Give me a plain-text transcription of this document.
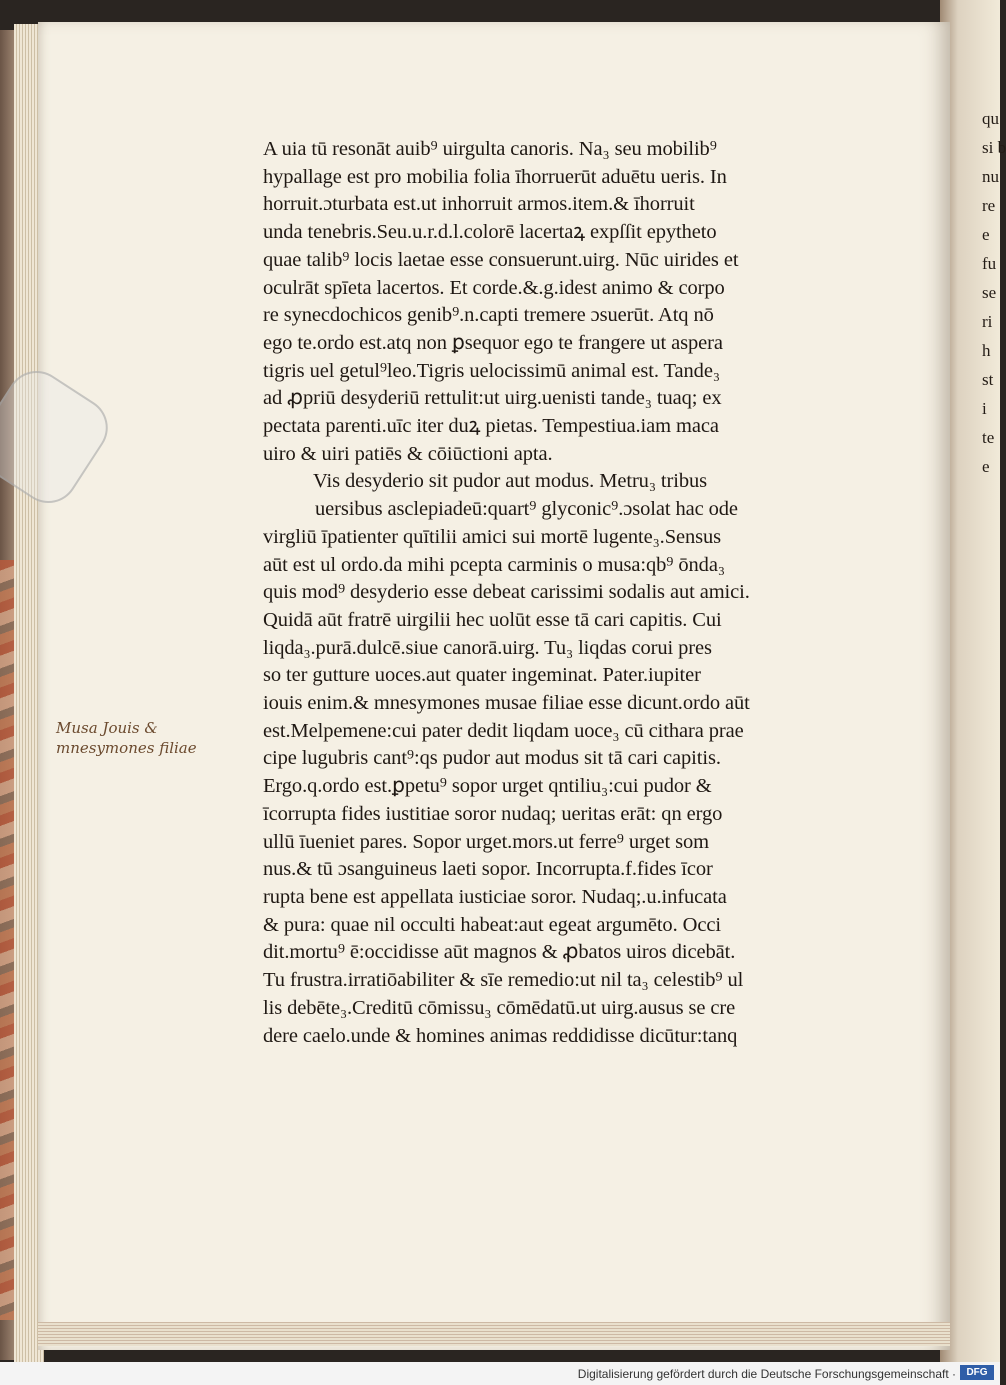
qu
si b
nu
re
e
fu
se
ri
h
st
i
te
e
A uia tū resonāt auib⁹ uirgulta canoris. Na₃ seu mobilib⁹
hypallage est pro mobilia folia īhorruerūt aduētu ueris. In
horruit.ɔturbata est.ut inhorruit armos.item.& īhorruit
unda tenebris.Seu.u.r.d.l.colorē lacertaꝝ expſſit epytheto
quae talib⁹ locis laetae esse consuerunt.uirg. Nūc uirides et
oculrāt spīeta lacertos. Et corde.&.g.idest animo & corpo
re synecdochicos genib⁹.n.capti tremere ɔsuerūt. Atq nō
ego te.ordo est.atq non ꝑsequor ego te frangere ut aspera
tigris uel getul⁹leo.Tigris uelocissimū animal est. Tande₃
ad ꝓpriū desyderiū rettulit:ut uirg.uenisti tande₃ tuaq; ex
pectata parenti.uīc iter duꝝ pietas. Tempestiua.iam maca
uiro & uiri patiēs & cōiūctioni apta.
Vis desyderio sit pudor aut modus. Metru₃ tribus
uersibus asclepiadeū:quart⁹ glyconic⁹.ɔsolat hac ode
virgliū īpatienter quītilii amici sui mortē lugente₃.Sensus
aūt est ul ordo.da mihi pcepta carminis o musa:qb⁹ ōnda₃
quis mod⁹ desyderio esse debeat carissimi sodalis aut amici.
Quidā aūt fratrē uirgilii hec uolūt esse tā cari capitis. Cui
liqda₃.purā.dulcē.siue canorā.uirg. Tu₃ liqdas corui pres
so ter gutture uoces.aut quater ingeminat. Pater.iupiter
iouis enim.& mnesymones musae filiae esse dicunt.ordo aūt
est.Melpemene:cui pater dedit liqdam uoce₃ cū cithara prae
cipe lugubris cant⁹:qs pudor aut modus sit tā cari capitis.
Ergo.q.ordo est.ꝑpetu⁹ sopor urget qntiliu₃:cui pudor &
īcorrupta fides iustitiae soror nudaq; ueritas erāt: qn ergo
ullū īueniet pares. Sopor urget.mors.ut ferre⁹ urget som
nus.& tū ɔsanguineus laeti sopor. Incorrupta.f.fides īcor
rupta bene est appellata iusticiae soror. Nudaq;.u.infucata
& pura: quae nil occulti habeat:aut egeat argumēto. Occi
dit.mortu⁹ ē:occidisse aūt magnos & ꝓbatos uiros dicebāt.
Tu frustra.irratiōabiliter & sīe remedio:ut nil ta₃ celestib⁹ ul
lis debēte₃.Creditū cōmissu₃ cōmēdatū.ut uirg.ausus se cre
dere caelo.unde & homines animas reddidisse dicūtur:tanq
Musa Jouis &
mnesymones filiae
Digitalisierung gefördert durch die Deutsche Forschungsgemeinschaft ·	DFG
